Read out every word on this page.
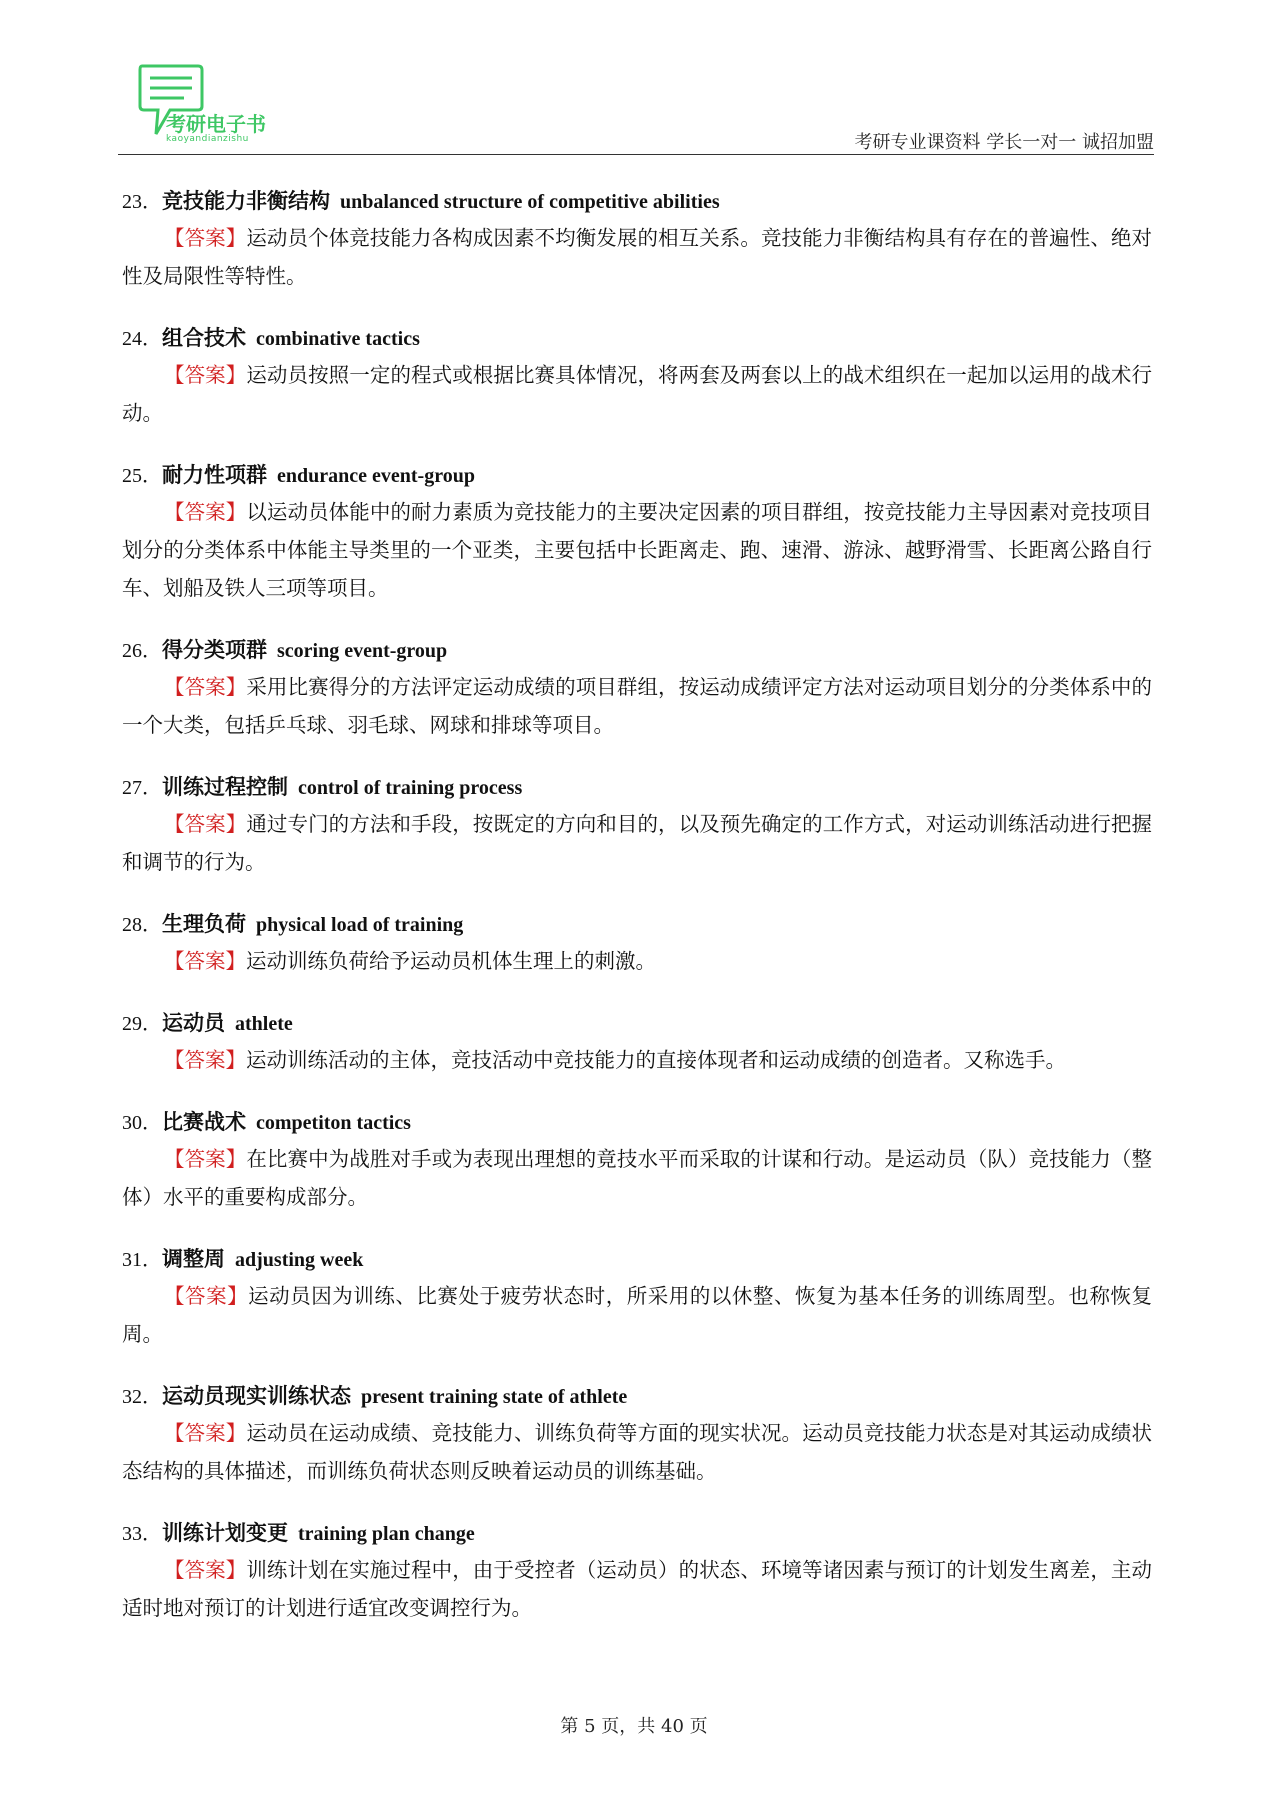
考研电子书
kaoyandianzishu	考研专业课资料 学长一对一 诚招加盟
23．竞技能力非衡结构 unbalanced structure of competitive abilities

【答案】运动员个体竞技能力各构成因素不均衡发展的相互关系。竞技能力非衡结构具有存在的普遍性、绝对性及局限性等特性。

24．组合技术 combinative tactics

【答案】运动员按照一定的程式或根据比赛具体情况，将两套及两套以上的战术组织在一起加以运用的战术行动。

25．耐力性项群 endurance event-group

【答案】以运动员体能中的耐力素质为竞技能力的主要决定因素的项目群组，按竞技能力主导因素对竞技项目划分的分类体系中体能主导类里的一个亚类，主要包括中长距离走、跑、速滑、游泳、越野滑雪、长距离公路自行车、划船及铁人三项等项目。

26．得分类项群 scoring event-group

【答案】采用比赛得分的方法评定运动成绩的项目群组，按运动成绩评定方法对运动项目划分的分类体系中的一个大类，包括乒乓球、羽毛球、网球和排球等项目。

27．训练过程控制 control of training process

【答案】通过专门的方法和手段，按既定的方向和目的，以及预先确定的工作方式，对运动训练活动进行把握和调节的行为。

28．生理负荷 physical load of training

【答案】运动训练负荷给予运动员机体生理上的刺激。

29．运动员 athlete

【答案】运动训练活动的主体，竞技活动中竞技能力的直接体现者和运动成绩的创造者。又称选手。

30．比赛战术 competiton tactics

【答案】在比赛中为战胜对手或为表现出理想的竟技水平而采取的计谋和行动。是运动员（队）竞技能力（整体）水平的重要构成部分。

31．调整周 adjusting week

【答案】运动员因为训练、比赛处于疲劳状态时，所采用的以休整、恢复为基本任务的训练周型。也称恢复周。

32．运动员现实训练状态 present training state of athlete

【答案】运动员在运动成绩、竞技能力、训练负荷等方面的现实状况。运动员竞技能力状态是对其运动成绩状态结构的具体描述，而训练负荷状态则反映着运动员的训练基础。

33．训练计划变更 training plan change

【答案】训练计划在实施过程中，由于受控者（运动员）的状态、环境等诸因素与预订的计划发生离差，主动适时地对预订的计划进行适宜改变调控行为。

第 5 页，共 40 页
